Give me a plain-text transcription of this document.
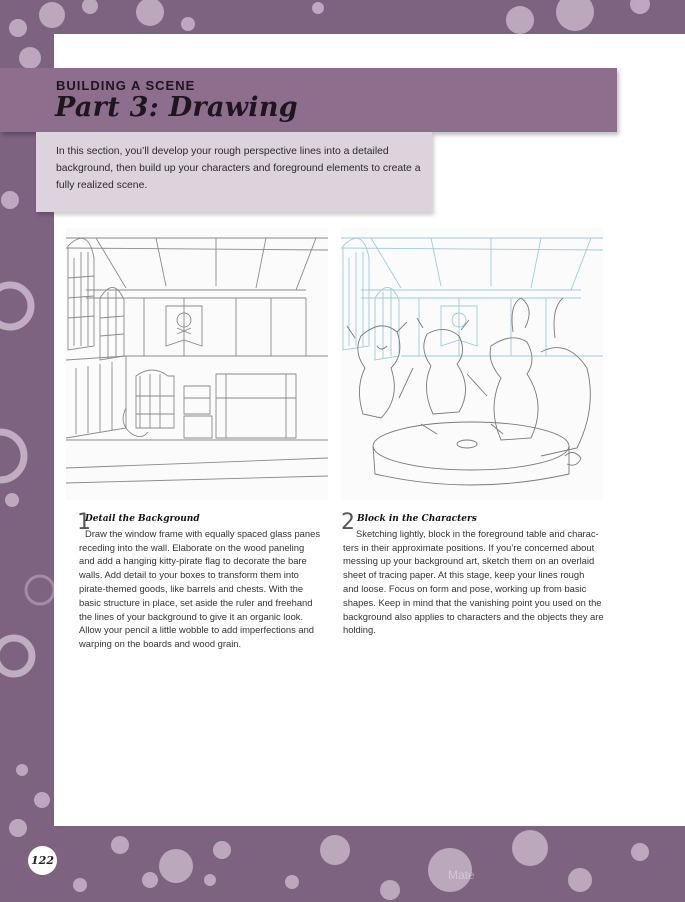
BUILDING A SCENE
Part 3: Drawing
In this section, you’ll develop your rough perspective lines into a detailed
background, then build up your characters and foreground elements to create a
fully realized scene.
1
Detail the Background
Draw the window frame with equally spaced glass panes
receding into the wall. Elaborate on the wood paneling
and add a hanging kitty-pirate flag to decorate the bare
walls. Add detail to your boxes to transform them into
pirate-themed goods, like barrels and chests. With the
basic structure in place, set aside the ruler and freehand
the lines of your background to give it an organic look.
Allow your pencil a little wobble to add imperfections and
warping on the boards and wood grain.
2 Block in the Characters
Sketching lightly, block in the foreground table and charac-
ters in their approximate positions. If you’re concerned about
messing up your background art, sketch them on an overlaid
sheet of tracing paper. At this stage, keep your lines rough
and loose. Focus on form and pose, working up from basic
shapes. Keep in mind that the vanishing point you used on the
background also applies to characters and the objects they are
holding.
122
Mate
